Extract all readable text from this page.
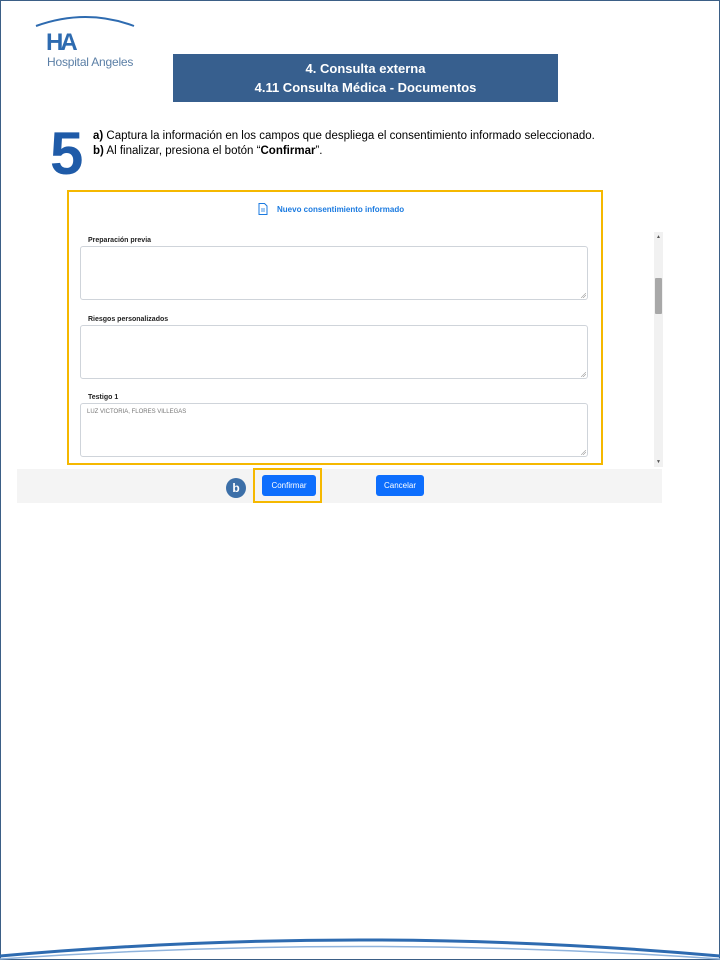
HA
Hospital Angeles	4. Consulta externa
4.11 Consulta Médica - Documentos
5 a) Captura la información en los campos que despliega el consentimiento informado seleccionado.
b) Al finalizar, presiona el botón “Confirmar”.
Nuevo consentimiento informado
Preparación previa
Riesgos personalizados
Testigo 1
LUZ VICTORIA, FLORES VILLEGAS
▲
▼
b	Confirmar	Cancelar
